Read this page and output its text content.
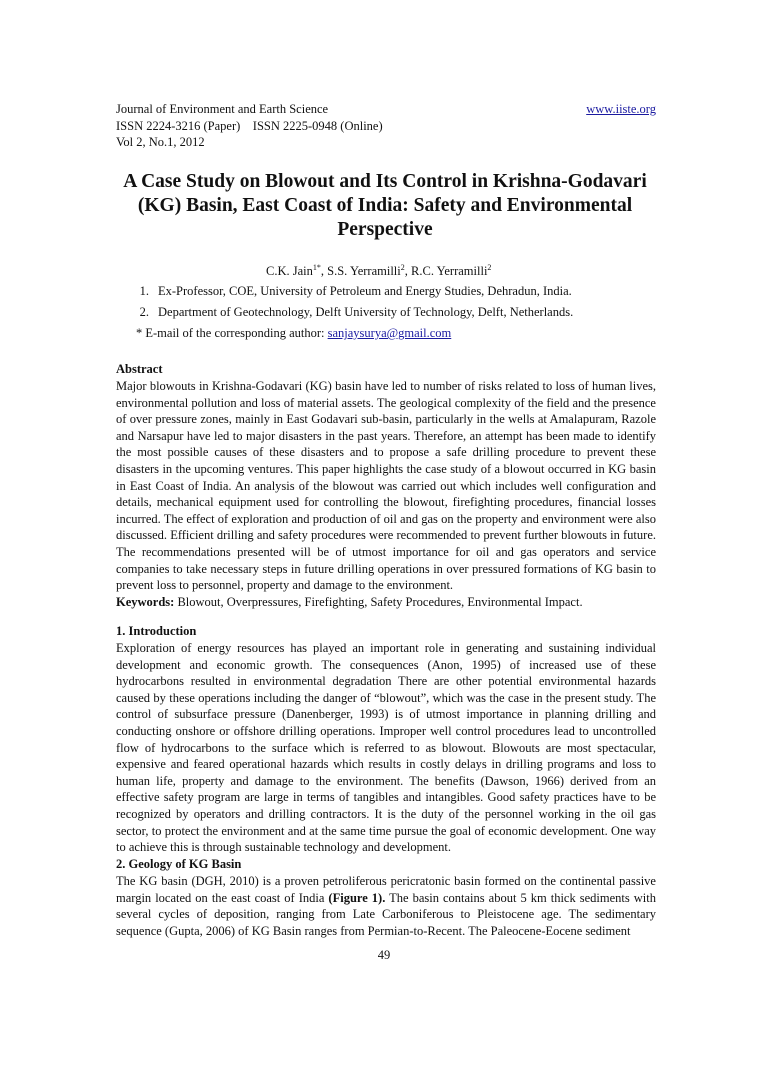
Journal of Environment and Earth Science	www.iiste.org
ISSN 2224-3216 (Paper)    ISSN 2225-0948 (Online)
Vol 2, No.1, 2012
A Case Study on Blowout and Its Control in Krishna-Godavari (KG) Basin, East Coast of India: Safety and Environmental Perspective
C.K. Jain$^{1*}$, S.S. Yerramilli$^2$, R.C. Yerramilli$^2$
1. Ex-Professor, COE, University of Petroleum and Energy Studies, Dehradun, India.
2. Department of Geotechnology, Delft University of Technology, Delft, Netherlands.
* E-mail of the corresponding author: sanjaysurya@gmail.com
Abstract

Major blowouts in Krishna-Godavari (KG) basin have led to number of risks related to loss of human lives, environmental pollution and loss of material assets. The geological complexity of the field and the presence of over pressure zones, mainly in East Godavari sub-basin, particularly in the wells at Amalapuram, Razole and Narsapur have led to major disasters in the past years. Therefore, an attempt has been made to identify the most possible causes of these disasters and to propose a safe drilling procedure to prevent these disasters in the upcoming ventures. This paper highlights the case study of a blowout occurred in KG basin in East Coast of India. An analysis of the blowout was carried out which includes well configuration and details, mechanical equipment used for controlling the blowout, firefighting procedures, financial losses incurred. The effect of exploration and production of oil and gas on the property and environment were also discussed. Efficient drilling and safety procedures were recommended to prevent further blowouts in future. The recommendations presented will be of utmost importance for oil and gas operators and service companies to take necessary steps in future drilling operations in over pressured formations of KG basin to prevent loss to personnel, property and damage to the environment.

Keywords: Blowout, Overpressures, Firefighting, Safety Procedures, Environmental Impact.

1. Introduction

Exploration of energy resources has played an important role in generating and sustaining individual development and economic growth. The consequences (Anon, 1995) of increased use of these hydrocarbons resulted in environmental degradation There are other potential environmental hazards caused by these operations including the danger of “blowout”, which was the case in the present study. The control of subsurface pressure (Danenberger, 1993) is of utmost importance in planning drilling and conducting onshore or offshore drilling operations. Improper well control procedures lead to uncontrolled flow of hydrocarbons to the surface which is referred to as blowout. Blowouts are most spectacular, expensive and feared operational hazards which results in costly delays in drilling programs and loss to human life, property and damage to the environment. The benefits (Dawson, 1966) derived from an effective safety program are large in terms of tangibles and intangibles. Good safety practices have to be recognized by operators and drilling contractors. It is the duty of the personnel working in the oil gas sector, to protect the environment and at the same time pursue the goal of economic development. One way to achieve this is through sustainable technology and development.

2. Geology of KG Basin

The KG basin (DGH, 2010) is a proven petroliferous pericratonic basin formed on the continental passive margin located on the east coast of India (Figure 1). The basin contains about 5 km thick sediments with several cycles of deposition, ranging from Late Carboniferous to Pleistocene age. The sedimentary sequence (Gupta, 2006) of KG Basin ranges from Permian-to-Recent. The Paleocene-Eocene sediment

49
